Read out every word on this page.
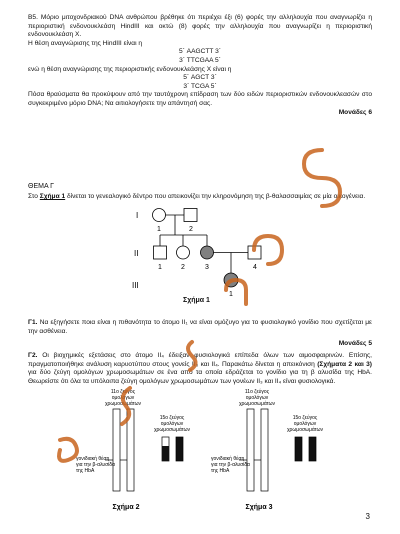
Β5. Μόριο μιτοχονδριακού DNA ανθρώπου βρέθηκε ότι περιέχει έξι (6) φορές την αλληλουχία που αναγνωρίζει η περιοριστική ενδονουκλεάση HindIII και οκτώ (8) φορές την αλληλουχία που αναγνωρίζει η περιοριστική ενδονουκλεάση Χ.

Η θέση αναγνώρισης της HindIII είναι η

5΄ AAGCTT 3΄

3΄ TTCGAA 5΄

ενώ η θέση αναγνώρισης της περιοριστικής ενδονουκλεάσης Χ είναι η

5΄ AGCT 3΄

3΄ TCGA 5΄

Πόσα θραύσματα θα προκύψουν από την ταυτόχρονη επίδραση των δύο ειδών περιοριστικών ενδονουκλεασών στο συγκεκριμένο μόριο DNA; Να αιτιολογήσετε την απάντησή σας.

Μονάδες 6

ΘΕΜΑ Γ

Στο Σχήμα 1 δίνεται το γενεαλογικό δέντρο που απεικονίζει την κληρονόμηση της β-θαλασσαιμίας σε μία οικογένεια.

I
II
III
1	2
1	2	3	4
1
Σχήμα 1

Γ1. Να εξηγήσετε ποια είναι η πιθανότητα το άτομο ΙΙ₁ να είναι ομόζυγο για το φυσιολογικό γονίδιο που σχετίζεται με την ασθένεια.

Μονάδες 5

Γ2. Οι βιοχημικές εξετάσεις στο άτομο ΙΙ₄ έδειξαν φυσιολογικά επίπεδα όλων των αιμοσφαιρινών. Επίσης, πραγματοποιήθηκε ανάλυση καρυοτύπου στους γονείς ΙΙ₃ και ΙΙ₄. Παρακάτω δίνεται η απεικόνιση (Σχήματα 2 και 3) για δύο ζεύγη ομολόγων χρωμοσωμάτων σε ένα από τα οποία εδράζεται το γονίδιο για τη β αλυσίδα της HbA. Θεωρείστε ότι όλα τα υπόλοιπα ζεύγη ομολόγων χρωμοσωμάτων των γονέων ΙΙ₃ και ΙΙ₄ είναι φυσιολογικά.

11ο ζεύγος
ομολόγων
χρωμοσωμάτων
γονιδιακή θέση
για την β-αλυσίδα
της HbA
15ο ζεύγος
ομολόγων
χρωμοσωμάτων
Σχήμα 2
11ο ζεύγος
ομολόγων
χρωμοσωμάτων
γονιδιακή θέση
για την β-αλυσίδα
της HbA
15ο ζεύγος
ομολόγων
χρωμοσωμάτων
Σχήμα 3
3
